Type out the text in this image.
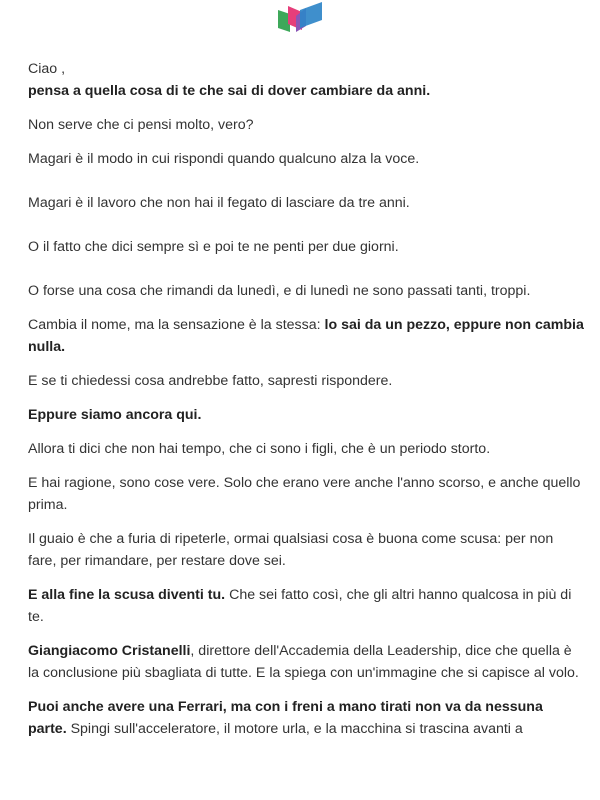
Ciao ,

pensa a quella cosa di te che sai di dover cambiare da anni.

Non serve che ci pensi molto, vero?

Magari è il modo in cui rispondi quando qualcuno alza la voce.

Magari è il lavoro che non hai il fegato di lasciare da tre anni.

O il fatto che dici sempre sì e poi te ne penti per due giorni.

O forse una cosa che rimandi da lunedì, e di lunedì ne sono passati tanti, troppi.

Cambia il nome, ma la sensazione è la stessa: lo sai da un pezzo, eppure non cambia nulla.

E se ti chiedessi cosa andrebbe fatto, sapresti rispondere.

Eppure siamo ancora qui.

Allora ti dici che non hai tempo, che ci sono i figli, che è un periodo storto.

E hai ragione, sono cose vere. Solo che erano vere anche l'anno scorso, e anche quello prima.

Il guaio è che a furia di ripeterle, ormai qualsiasi cosa è buona come scusa: per non fare, per rimandare, per restare dove sei.

E alla fine la scusa diventi tu. Che sei fatto così, che gli altri hanno qualcosa in più di te.

Giangiacomo Cristanelli, direttore dell'Accademia della Leadership, dice che quella è la conclusione più sbagliata di tutte. E la spiega con un'immagine che si capisce al volo.

Puoi anche avere una Ferrari, ma con i freni a mano tirati non va da nessuna parte. Spingi sull'acceleratore, il motore urla, e la macchina si trascina avanti a
